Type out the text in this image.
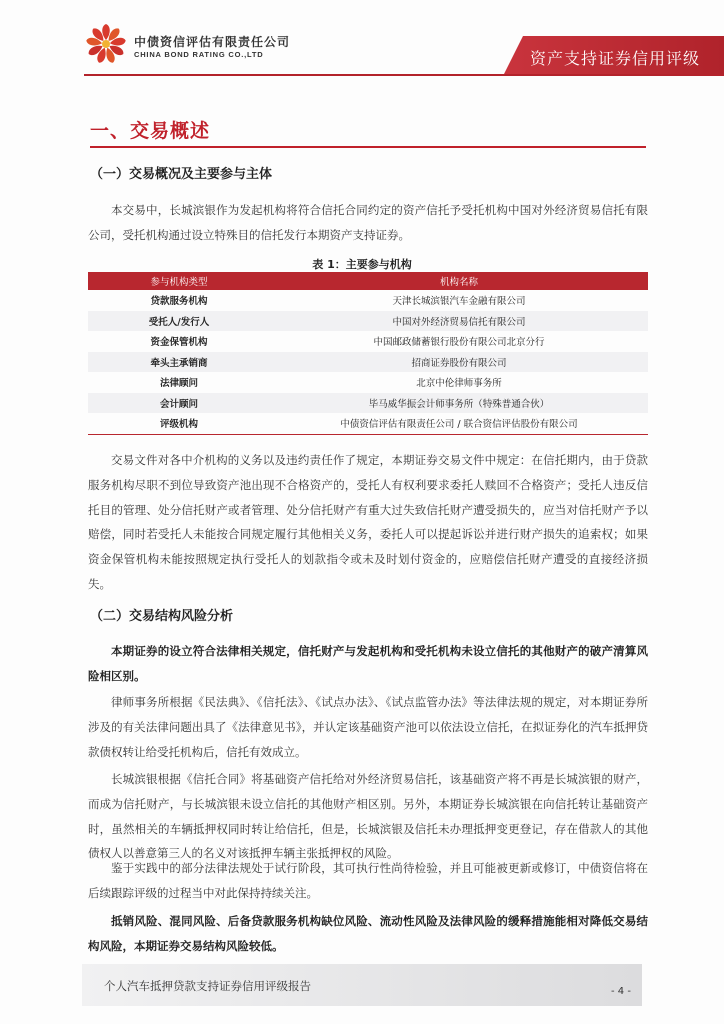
中债资信评估有限责任公司
CHINA BOND RATING CO.,LTD	资产支持证券信用评级
一、交易概述
（一）交易概况及主要参与主体

本交易中，长城滨银作为发起机构将符合信托合同约定的资产信托予受托机构中国对外经济贸易信托有限公司，受托机构通过设立特殊目的信托发行本期资产支持证券。

表 1：主要参与机构
参与机构类型	机构名称
贷款服务机构	天津长城滨银汽车金融有限公司
受托人/发行人	中国对外经济贸易信托有限公司
资金保管机构	中国邮政储蓄银行股份有限公司北京分行
牵头主承销商	招商证券股份有限公司
法律顾问	北京中伦律师事务所
会计顾问	毕马威华振会计师事务所（特殊普通合伙）
评级机构	中债资信评估有限责任公司 / 联合资信评估股份有限公司

交易文件对各中介机构的义务以及违约责任作了规定，本期证券交易文件中规定：在信托期内，由于贷款服务机构尽职不到位导致资产池出现不合格资产的，受托人有权利要求委托人赎回不合格资产；受托人违反信托目的管理、处分信托财产或者管理、处分信托财产有重大过失致信托财产遭受损失的，应当对信托财产予以赔偿，同时若受托人未能按合同规定履行其他相关义务，委托人可以提起诉讼并进行财产损失的追索权；如果资金保管机构未能按照规定执行受托人的划款指令或未及时划付资金的，应赔偿信托财产遭受的直接经济损失。

（二）交易结构风险分析

本期证券的设立符合法律相关规定，信托财产与发起机构和受托机构未设立信托的其他财产的破产清算风险相区别。

律师事务所根据《民法典》、《信托法》、《试点办法》、《试点监管办法》等法律法规的规定，对本期证券所涉及的有关法律问题出具了《法律意见书》，并认定该基础资产池可以依法设立信托，在拟证券化的汽车抵押贷款债权转让给受托机构后，信托有效成立。

长城滨银根据《信托合同》将基础资产信托给对外经济贸易信托，该基础资产将不再是长城滨银的财产，而成为信托财产，与长城滨银未设立信托的其他财产相区别。另外，本期证券长城滨银在向信托转让基础资产时，虽然相关的车辆抵押权同时转让给信托，但是，长城滨银及信托未办理抵押变更登记，存在借款人的其他债权人以善意第三人的名义对该抵押车辆主张抵押权的风险。

鉴于实践中的部分法律法规处于试行阶段，其可执行性尚待检验，并且可能被更新或修订，中债资信将在后续跟踪评级的过程当中对此保持持续关注。

抵销风险、混同风险、后备贷款服务机构缺位风险、流动性风险及法律风险的缓释措施能相对降低交易结构风险，本期证券交易结构风险较低。

个人汽车抵押贷款支持证券信用评级报告	- 4 -
